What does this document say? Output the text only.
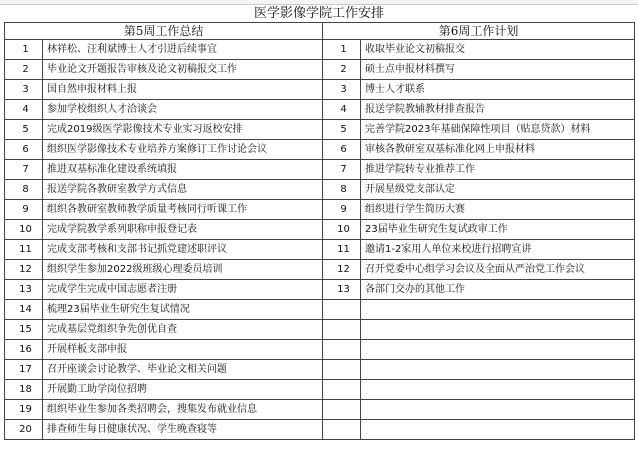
医学影像学院工作安排
第5周工作总结		第6周工作计划	
1	林祥松、汪利斌博士人才引进后续事宜	1	收取毕业论文初稿报交
2	毕业论文开题报告审核及论文初稿报交工作	2	硕士点申报材料撰写
3	国自然申报材料上报	3	博士人才联系
4	参加学校组织人才洽谈会	4	报送学院教辅教材排查报告
5	完成2019级医学影像技术专业实习返校安排	5	完善学院2023年基础保障性项目（贴息贷款）材料
6	组织医学影像技术专业培养方案修订工作讨论会议	6	审核各教研室双基标准化网上申报材料
7	推进双基标准化建设系统填报	7	推进学院转专业推荐工作
8	报送学院各教研室教学方式信息	8	开展星级党支部认定
9	组织各教研室教师教学质量考核同行听课工作	9	组织进行学生简历大赛
10	完成学院教学系列职称申报登记表	10	23届毕业生研究生复试政审工作
11	完成支部考核和支部书记抓党建述职评议	11	邀请1-2家用人单位来校进行招聘宣讲
12	组织学生参加2022级班级心理委员培训	12	召开党委中心组学习会议及全面从严治党工作会议
13	完成学生完成中国志愿者注册	13	各部门交办的其他工作
14	梳理23届毕业生研究生复试情况		
15	完成基层党组织争先创优自查		
16	开展样板支部申报		
17	召开座谈会讨论教学、毕业论文相关问题		
18	开展勤工助学岗位招聘		
19	组织毕业生参加各类招聘会，搜集发布就业信息		
20	排查师生每日健康状况、学生晚查寝等		
